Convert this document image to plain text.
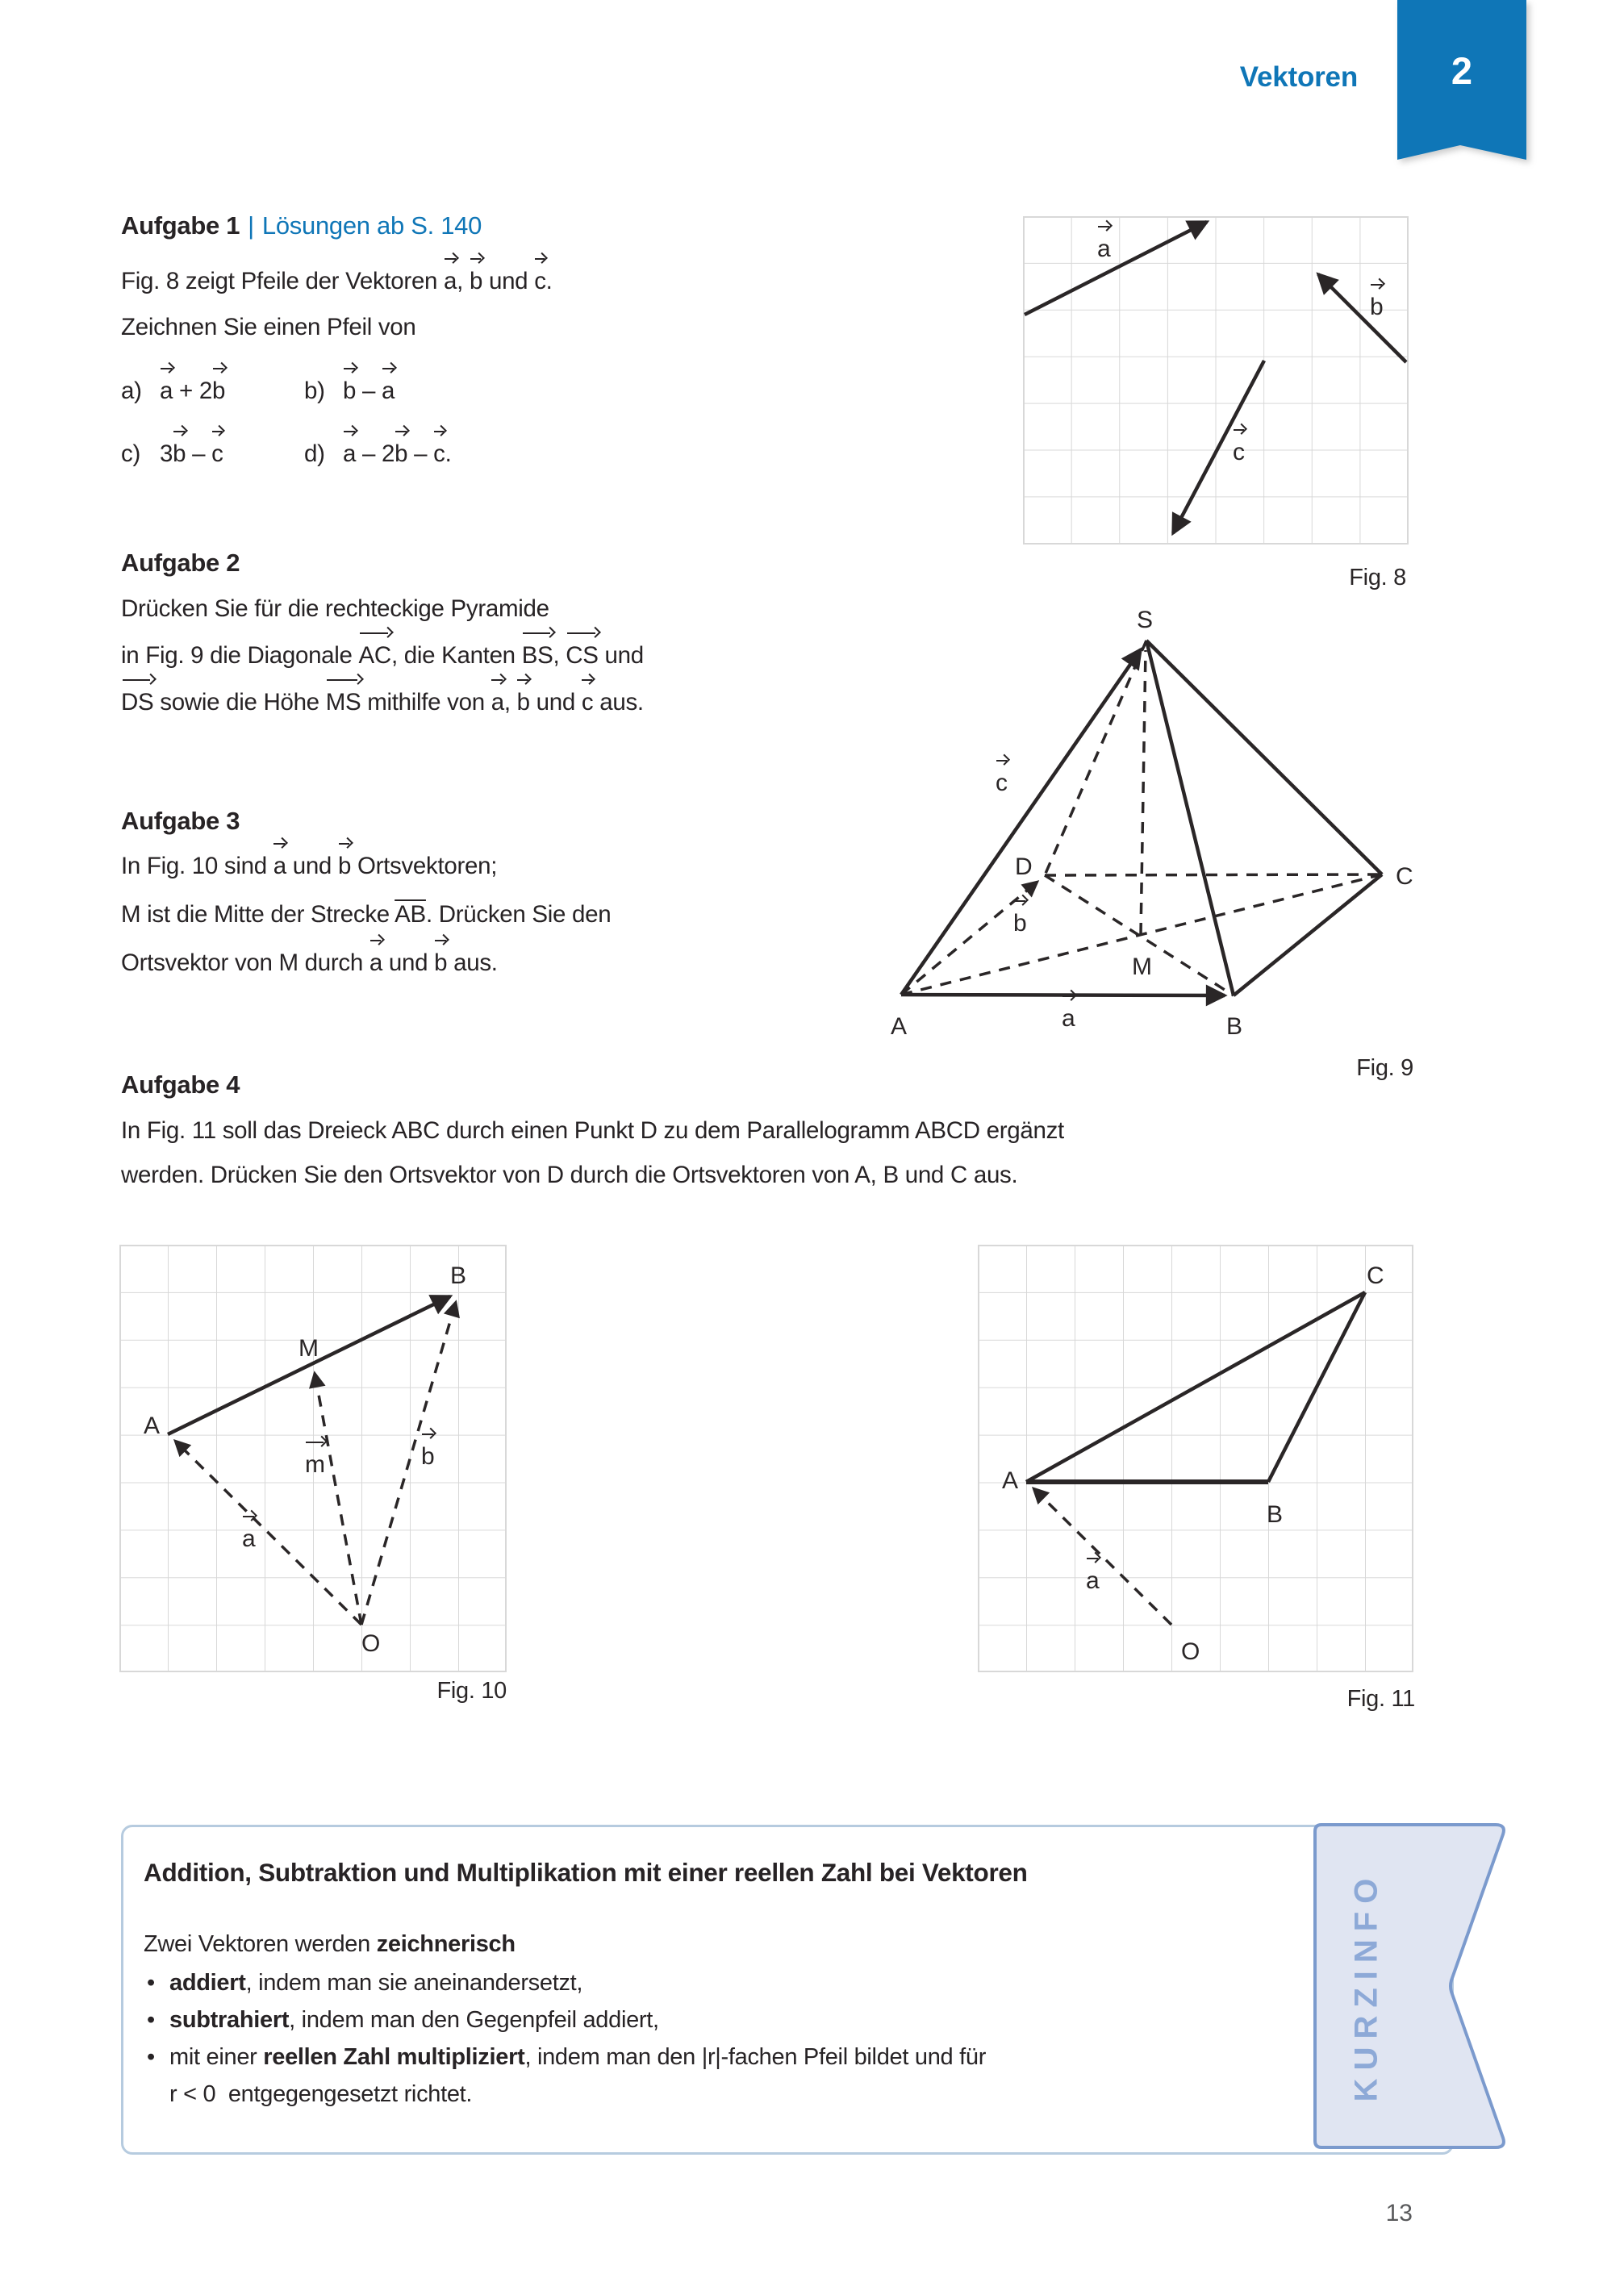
Vektoren	2
Aufgabe 1 | Lösungen ab S. 140
Fig. 8 zeigt Pfeile der Vektoren a, b und c.
Zeichnen Sie einen Pfeil von
a) a + 2b	b) b – a
c) 3b – c	d) a – 2b – c.
a
b
c
Fig. 8
Aufgabe 2
Drücken Sie für die rechteckige Pyramide
in Fig. 9 die Diagonale AC, die Kanten BS, CS und
DS sowie die Höhe MS mithilfe von a, b und c aus.
S
A	B
C
D
M
a
b
c
Fig. 9
Aufgabe 3
In Fig. 10 sind a und b Ortsvektoren;
M ist die Mitte der Strecke $\overline{AB}$. Drücken Sie den
Ortsvektor von M durch a und b aus.
Aufgabe 4
In Fig. 11 soll das Dreieck ABC durch einen Punkt D zu dem Parallelogramm ABCD ergänzt
werden. Drücken Sie den Ortsvektor von D durch die Ortsvektoren von A, B und C aus.
A
B
M
O
a
m	b
Fig. 10
A
B
C
O
a
Fig. 11
Addition, Subtraktion und Multiplikation mit einer reellen Zahl bei Vektoren
Zwei Vektoren werden zeichnerisch
• addiert, indem man sie aneinandersetzt,
• subtrahiert, indem man den Gegenpfeil addiert,
• mit einer reellen Zahl multipliziert, indem man den |r|-fachen Pfeil bildet und für
r < 0  entgegengesetzt richtet.	KURZINFO
13
